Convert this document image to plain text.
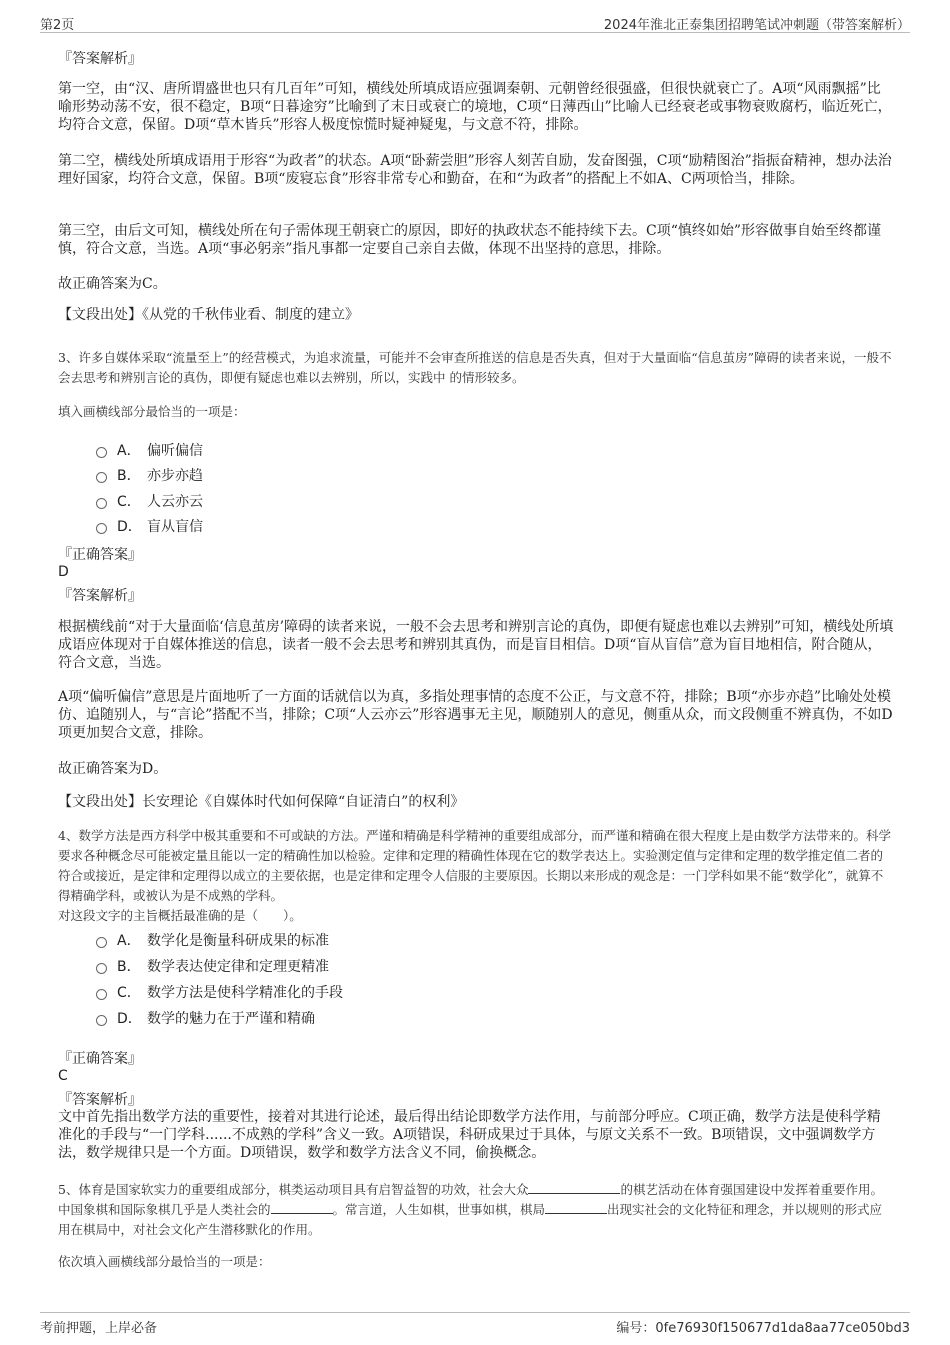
第2页	2024年淮北正泰集团招聘笔试冲刺题（带答案解析）
『答案解析』

第一空，由“汉、唐所谓盛世也只有几百年”可知，横线处所填成语应强调秦朝、元朝曾经很强盛，但很快就衰亡了。A项“风雨飘摇”比喻形势动荡不安，很不稳定，B项“日暮途穷”比喻到了末日或衰亡的境地，C项“日薄西山”比喻人已经衰老或事物衰败腐朽，临近死亡，均符合文意，保留。D项“草木皆兵”形容人极度惊慌时疑神疑鬼，与文意不符，排除。

第二空，横线处所填成语用于形容“为政者”的状态。A项“卧薪尝胆”形容人刻苦自励，发奋图强，C项“励精图治”指振奋精神，想办法治理好国家，均符合文意，保留。B项“废寝忘食”形容非常专心和勤奋，在和“为政者”的搭配上不如A、C两项恰当，排除。

第三空，由后文可知，横线处所在句子需体现王朝衰亡的原因，即好的执政状态不能持续下去。C项“慎终如始”形容做事自始至终都谨慎，符合文意，当选。A项“事必躬亲”指凡事都一定要自己亲自去做，体现不出坚持的意思，排除。

故正确答案为C。

【文段出处】《从党的千秋伟业看、制度的建立》

3、许多自媒体采取“流量至上”的经营模式，为追求流量，可能并不会审查所推送的信息是否失真，但对于大量面临“信息茧房”障碍的读者来说，一般不会去思考和辨别言论的真伪，即便有疑虑也难以去辨别，所以，实践中 的情形较多。

填入画横线部分最恰当的一项是：

A． 偏听偏信
B． 亦步亦趋
C． 人云亦云
D． 盲从盲信
『正确答案』
D
『答案解析』

根据横线前“对于大量面临‘信息茧房’障碍的读者来说，一般不会去思考和辨别言论的真伪，即便有疑虑也难以去辨别”可知，横线处所填成语应体现对于自媒体推送的信息，读者一般不会去思考和辨别其真伪，而是盲目相信。D项“盲从盲信”意为盲目地相信，附合随从，符合文意，当选。

A项“偏听偏信”意思是片面地听了一方面的话就信以为真，多指处理事情的态度不公正，与文意不符，排除；B项“亦步亦趋”比喻处处模仿、追随别人，与“言论”搭配不当，排除；C项“人云亦云”形容遇事无主见，顺随别人的意见，侧重从众，而文段侧重不辨真伪，不如D项更加契合文意，排除。

故正确答案为D。

【文段出处】长安理论《自媒体时代如何保障“自证清白”的权利》

4、数学方法是西方科学中极其重要和不可或缺的方法。严谨和精确是科学精神的重要组成部分，而严谨和精确在很大程度上是由数学方法带来的。科学要求各种概念尽可能被定量且能以一定的精确性加以检验。定律和定理的精确性体现在它的数学表达上。实验测定值与定律和定理的数学推定值二者的符合或接近，是定律和定理得以成立的主要依据，也是定律和定理令人信服的主要原因。长期以来形成的观念是：一门学科如果不能“数学化”，就算不得精确学科，或被认为是不成熟的学科。

对这段文字的主旨概括最准确的是（　　）。

A． 数学化是衡量科研成果的标准
B． 数学表达使定律和定理更精准
C． 数学方法是使科学精准化的手段
D． 数学的魅力在于严谨和精确
『正确答案』
C
『答案解析』

文中首先指出数学方法的重要性，接着对其进行论述，最后得出结论即数学方法作用，与前部分呼应。C项正确，数学方法是使科学精准化的手段与“一门学科......不成熟的学科”含义一致。A项错误，科研成果过于具体，与原文关系不一致。B项错误，文中强调数学方法，数学规律只是一个方面。D项错误，数学和数学方法含义不同，偷换概念。

5、体育是国家软实力的重要组成部分，棋类运动项目具有启智益智的功效，社会大众	的棋艺活动在体育强国建设中发挥着重要作用。中国象棋和国际象棋几乎是人类社会的	。常言道，人生如棋，世事如棋，棋局	出现实社会的文化特征和理念，并以规则的形式应用在棋局中，对社会文化产生潜移默化的作用。

依次填入画横线部分最恰当的一项是：

考前押题，上岸必备	编号：0fe76930f150677d1da8aa77ce050bd3
